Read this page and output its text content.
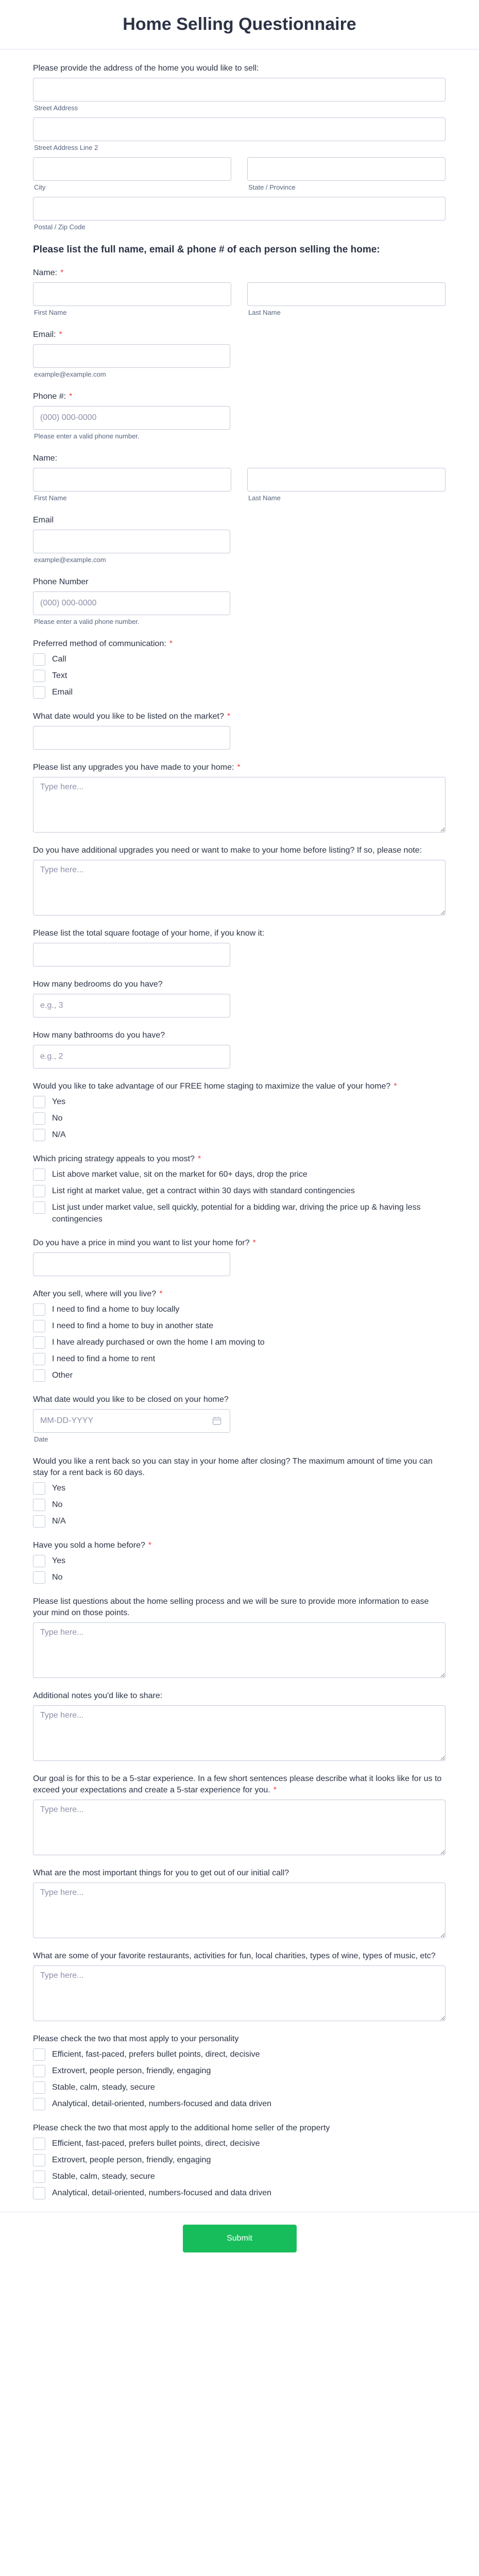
Home Selling Questionnaire
Please provide the address of the home you would like to sell:
Street Address
Street Address Line 2
City	State / Province
Postal / Zip Code
Please list the full name, email & phone # of each person selling the home:
Name: *
First Name	Last Name
Email: *
example@example.com
Phone #: *
(000) 000-0000
Please enter a valid phone number.
Name:
First Name	Last Name
Email
example@example.com
Phone Number
(000) 000-0000
Please enter a valid phone number.
Preferred method of communication: *
Call
Text
Email
What date would you like to be listed on the market? *
Please list any upgrades you have made to your home: *
Type here...
Do you have additional upgrades you need or want to make to your home before listing? If so, please note:
Type here...
Please list the total square footage of your home, if you know it:
How many bedrooms do you have?
e.g., 3
How many bathrooms do you have?
e.g., 2
Would you like to take advantage of our FREE home staging to maximize the value of your home? *
Yes
No
N/A
Which pricing strategy appeals to you most? *
List above market value, sit on the market for 60+ days, drop the price
List right at market value, get a contract within 30 days with standard contingencies
List just under market value, sell quickly, potential for a bidding war, driving the price up & having less contingencies
Do you have a price in mind you want to list your home for? *
After you sell, where will you live? *
I need to find a home to buy locally
I need to find a home to buy in another state
I have already purchased or own the home I am moving to
I need to find a home to rent
Other
What date would you like to be closed on your home?
MM-DD-YYYY
Date
Would you like a rent back so you can stay in your home after closing? The maximum amount of time you can stay for a rent back is 60 days.
Yes
No
N/A
Have you sold a home before? *
Yes
No
Please list questions about the home selling process and we will be sure to provide more information to ease your mind on those points.
Type here...
Additional notes you'd like to share:
Type here...
Our goal is for this to be a 5-star experience. In a few short sentences please describe what it looks like for us to exceed your expectations and create a 5-star experience for you. *
Type here...
What are the most important things for you to get out of our initial call?
Type here...
What are some of your favorite restaurants, activities for fun, local charities, types of wine, types of music, etc?
Type here...
Please check the two that most apply to your personality
Efficient, fast-paced, prefers bullet points, direct, decisive
Extrovert, people person, friendly, engaging
Stable, calm, steady, secure
Analytical, detail-oriented, numbers-focused and data driven
Please check the two that most apply to the additional home seller of the property
Efficient, fast-paced, prefers bullet points, direct, decisive
Extrovert, people person, friendly, engaging
Stable, calm, steady, secure
Analytical, detail-oriented, numbers-focused and data driven
Submit
